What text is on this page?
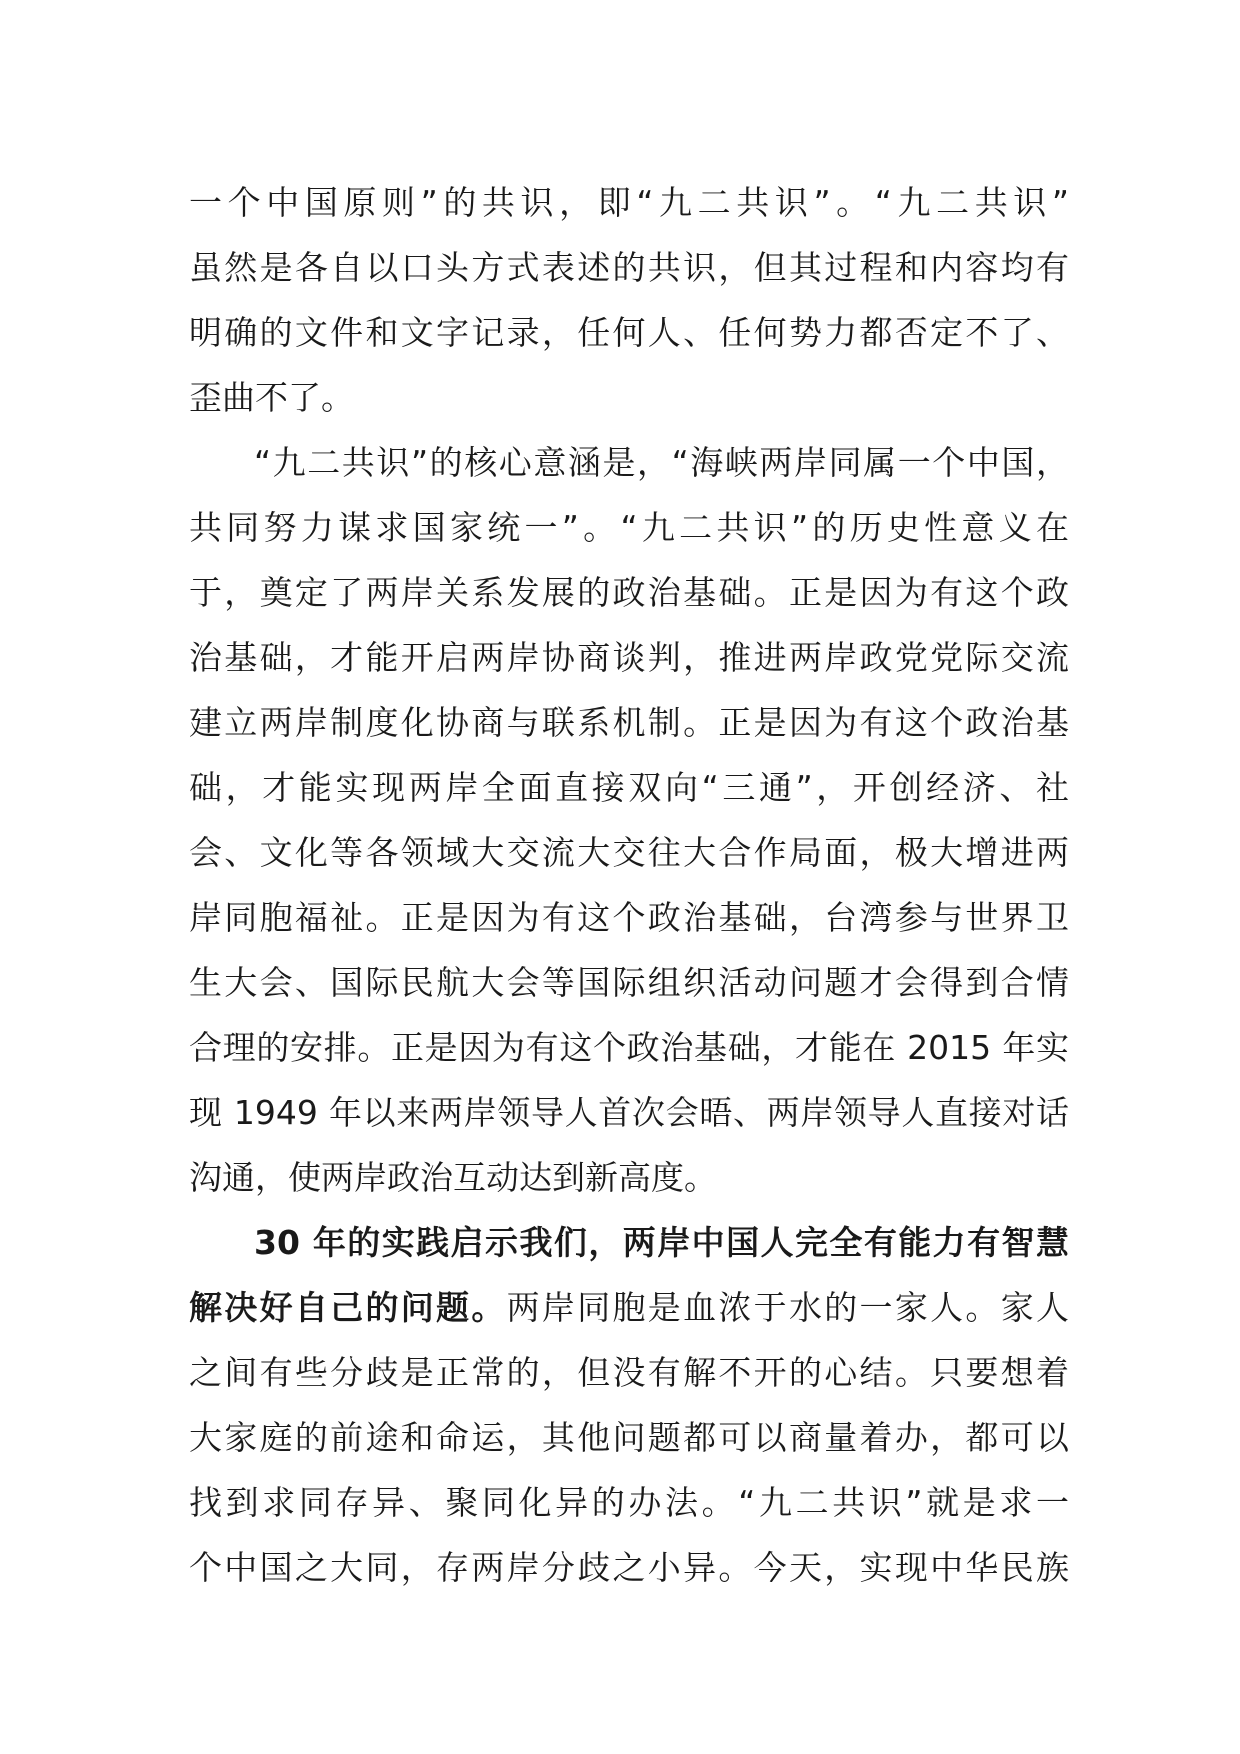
一个中国原则”的共识，即“九二共识”。“九二共识”
虽然是各自以口头方式表述的共识，但其过程和内容均有
明确的文件和文字记录，任何人、任何势力都否定不了、
歪曲不了。
“九二共识”的核心意涵是，“海峡两岸同属一个中国，
共同努力谋求国家统一”。“九二共识”的历史性意义在
于，奠定了两岸关系发展的政治基础。正是因为有这个政
治基础，才能开启两岸协商谈判，推进两岸政党党际交流
建立两岸制度化协商与联系机制。正是因为有这个政治基
础，才能实现两岸全面直接双向“三通”，开创经济、社
会、文化等各领域大交流大交往大合作局面，极大增进两
岸同胞福祉。正是因为有这个政治基础，台湾参与世界卫
生大会、国际民航大会等国际组织活动问题才会得到合情
合理的安排。正是因为有这个政治基础，才能在 2015 年实
现 1949 年以来两岸领导人首次会晤、两岸领导人直接对话
沟通，使两岸政治互动达到新高度。
30 年的实践启示我们，两岸中国人完全有能力有智慧
解决好自己的问题。两岸同胞是血浓于水的一家人。家人
之间有些分歧是正常的，但没有解不开的心结。只要想着
大家庭的前途和命运，其他问题都可以商量着办，都可以
找到求同存异、聚同化异的办法。“九二共识”就是求一
个中国之大同，存两岸分歧之小异。今天，实现中华民族
